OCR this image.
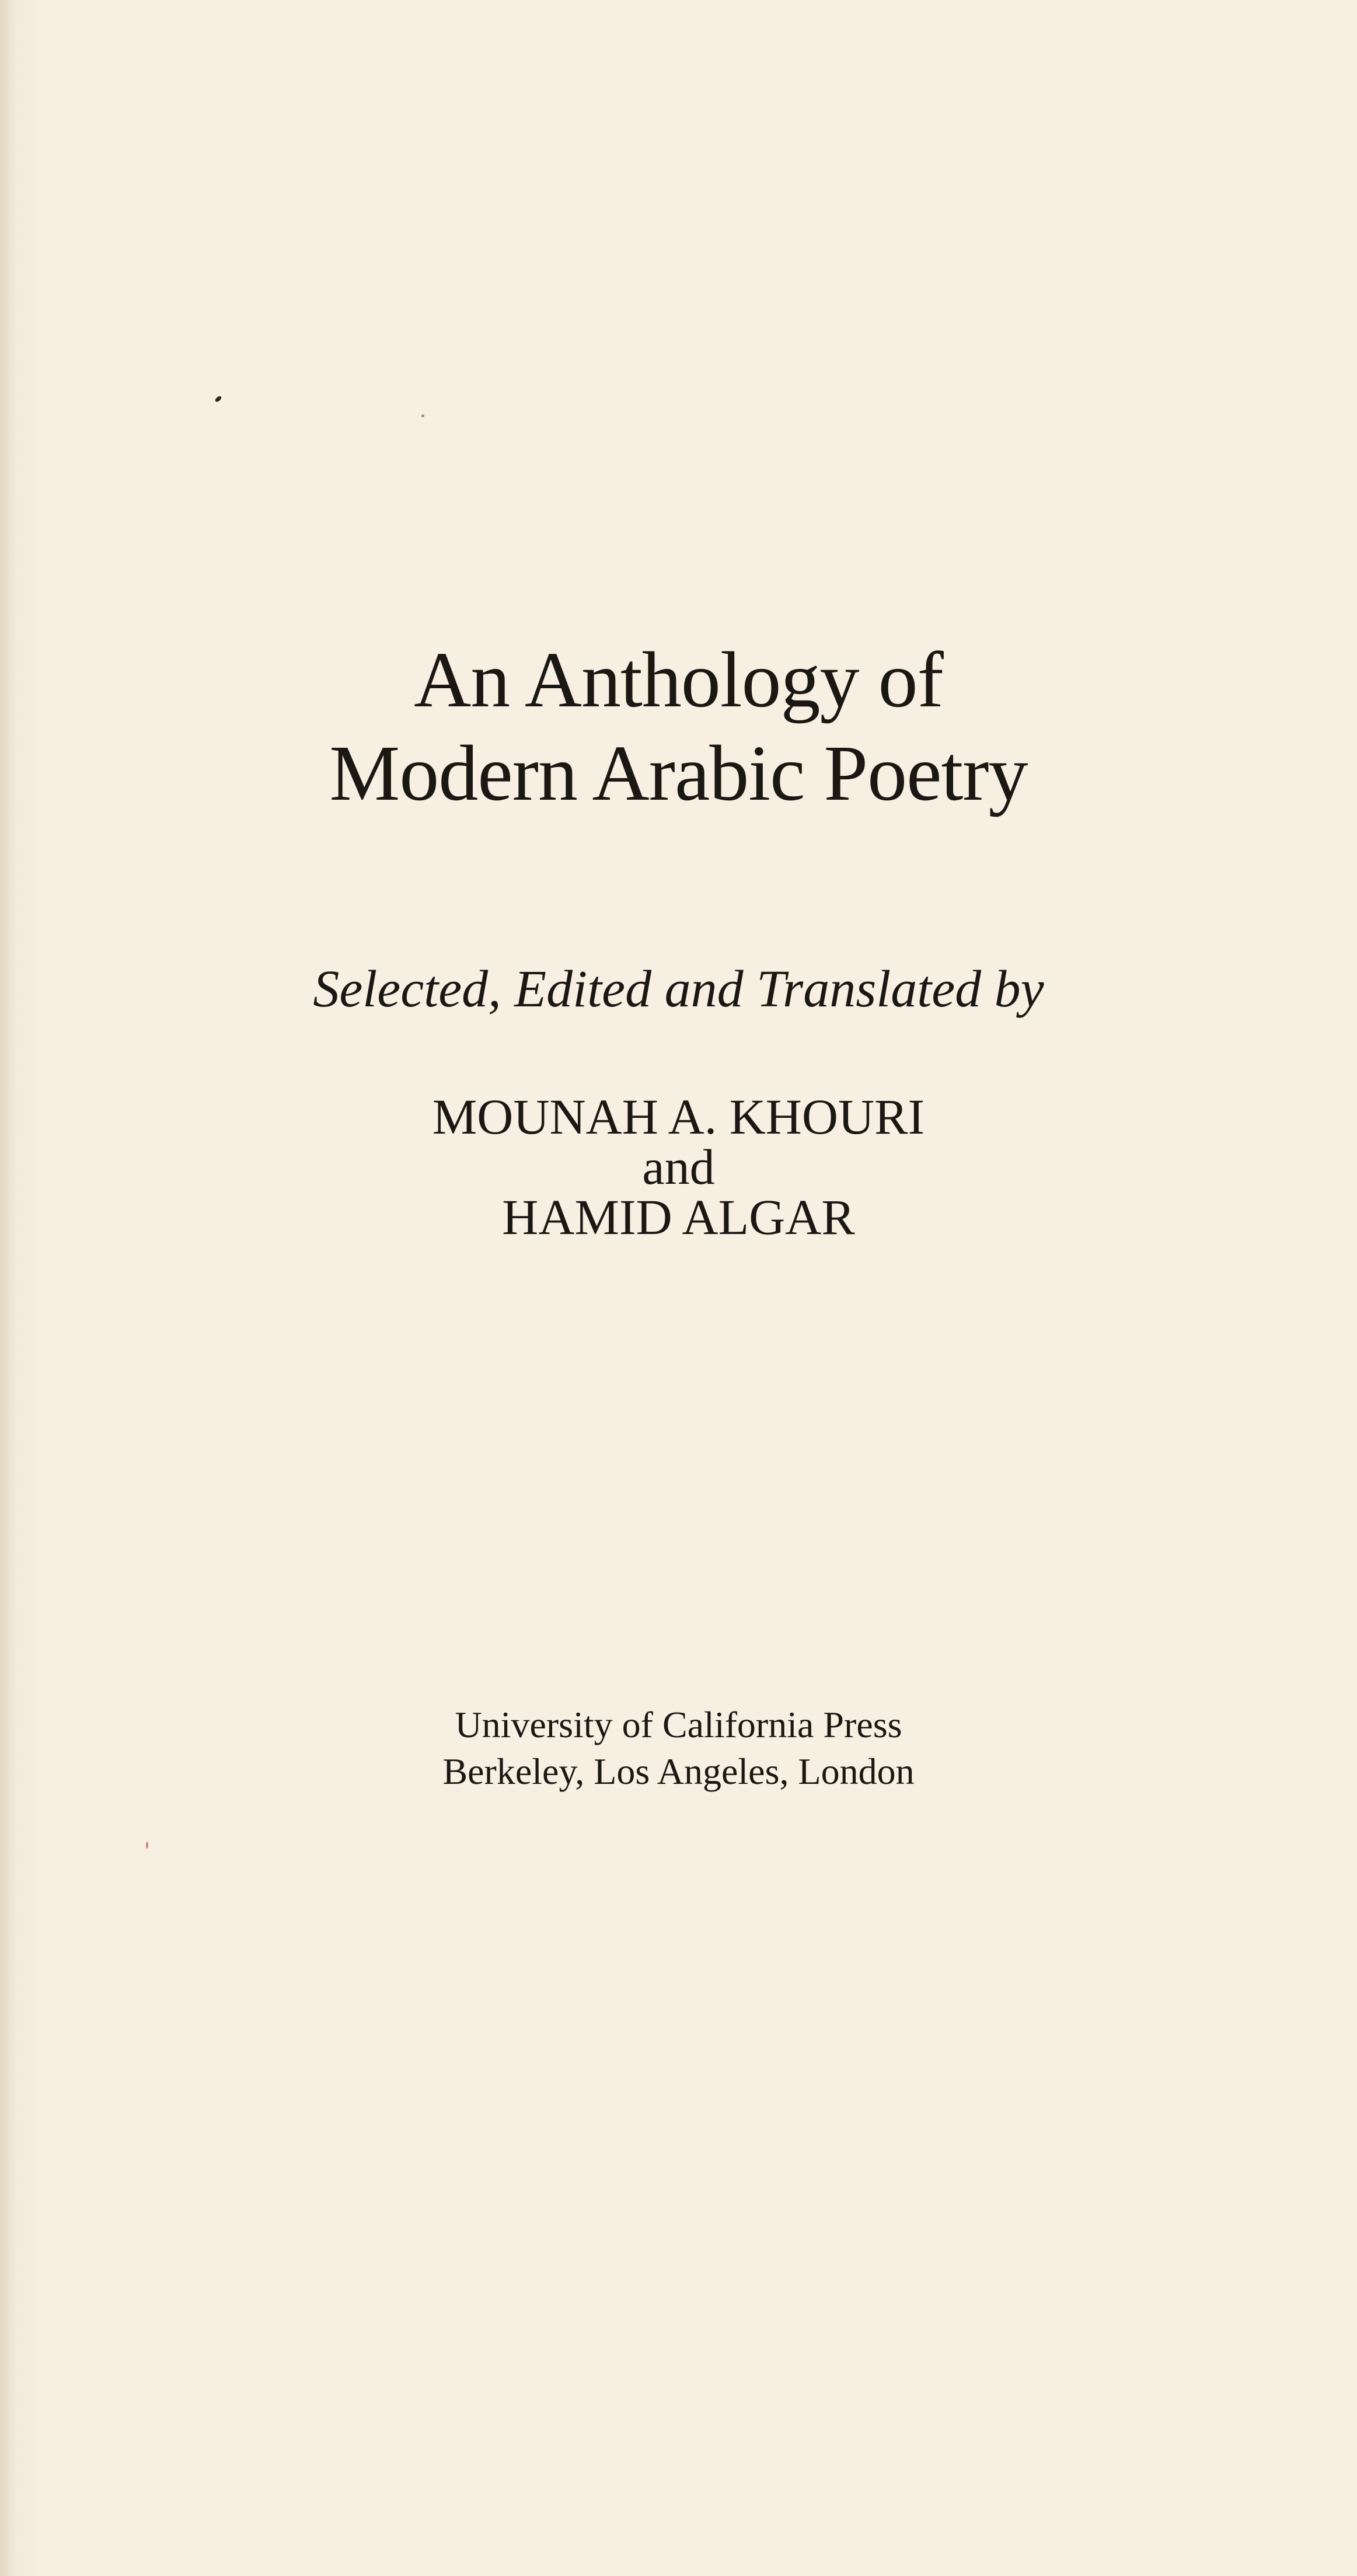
An Anthology of
Modern Arabic Poetry
Selected, Edited and Translated by
MOUNAH A. KHOURI
and
HAMID ALGAR
University of California Press
Berkeley, Los Angeles, London
